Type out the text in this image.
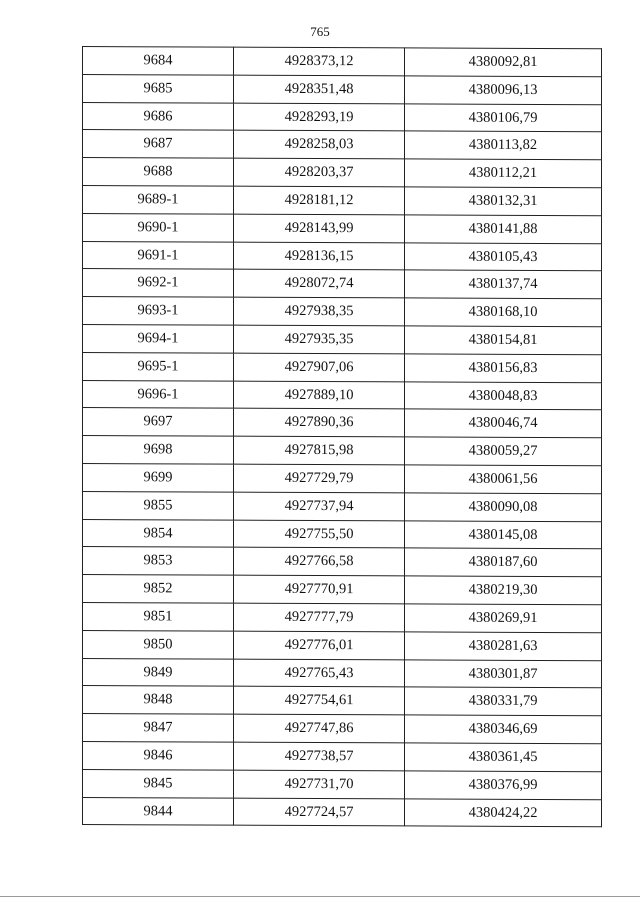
765
9684	4928373,12	4380092,81
9685	4928351,48	4380096,13
9686	4928293,19	4380106,79
9687	4928258,03	4380113,82
9688	4928203,37	4380112,21
9689-1	4928181,12	4380132,31
9690-1	4928143,99	4380141,88
9691-1	4928136,15	4380105,43
9692-1	4928072,74	4380137,74
9693-1	4927938,35	4380168,10
9694-1	4927935,35	4380154,81
9695-1	4927907,06	4380156,83
9696-1	4927889,10	4380048,83
9697	4927890,36	4380046,74
9698	4927815,98	4380059,27
9699	4927729,79	4380061,56
9855	4927737,94	4380090,08
9854	4927755,50	4380145,08
9853	4927766,58	4380187,60
9852	4927770,91	4380219,30
9851	4927777,79	4380269,91
9850	4927776,01	4380281,63
9849	4927765,43	4380301,87
9848	4927754,61	4380331,79
9847	4927747,86	4380346,69
9846	4927738,57	4380361,45
9845	4927731,70	4380376,99
9844	4927724,57	4380424,22
